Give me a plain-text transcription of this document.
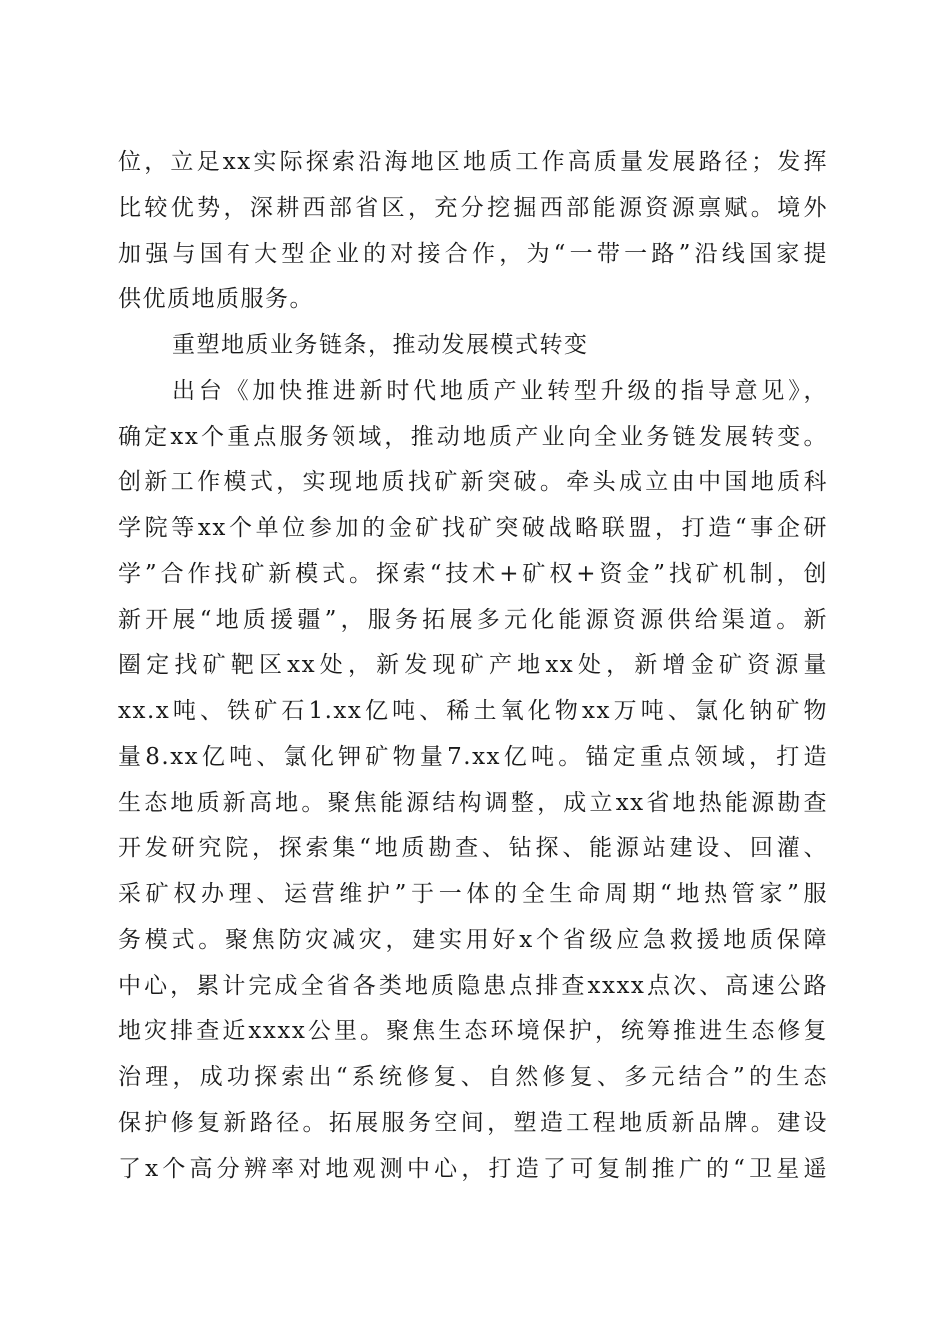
位，立足xx实际探索沿海地区地质工作高质量发展路径；发挥
比较优势，深耕西部省区，充分挖掘西部能源资源禀赋。境外
加强与国有大型企业的对接合作，为“一带一路”沿线国家提
供优质地质服务。
重塑地质业务链条，推动发展模式转变
出台《加快推进新时代地质产业转型升级的指导意见》，
确定xx个重点服务领域，推动地质产业向全业务链发展转变。
创新工作模式，实现地质找矿新突破。牵头成立由中国地质科
学院等xx个单位参加的金矿找矿突破战略联盟，打造“事企研
学”合作找矿新模式。探索“技术+矿权+资金”找矿机制，创
新开展“地质援疆”，服务拓展多元化能源资源供给渠道。新
圈定找矿靶区xx处，新发现矿产地xx处，新增金矿资源量
xx.x吨、铁矿石1.xx亿吨、稀土氧化物xx万吨、氯化钠矿物
量8.xx亿吨、氯化钾矿物量7.xx亿吨。锚定重点领域，打造
生态地质新高地。聚焦能源结构调整，成立xx省地热能源勘查
开发研究院，探索集“地质勘查、钻探、能源站建设、回灌、
采矿权办理、运营维护”于一体的全生命周期“地热管家”服
务模式。聚焦防灾减灾，建实用好x个省级应急救援地质保障
中心，累计完成全省各类地质隐患点排查xxxx点次、高速公路
地灾排查近xxxx公里。聚焦生态环境保护，统筹推进生态修复
治理，成功探索出“系统修复、自然修复、多元结合”的生态
保护修复新路径。拓展服务空间，塑造工程地质新品牌。建设
了x个高分辨率对地观测中心，打造了可复制推广的“卫星遥
